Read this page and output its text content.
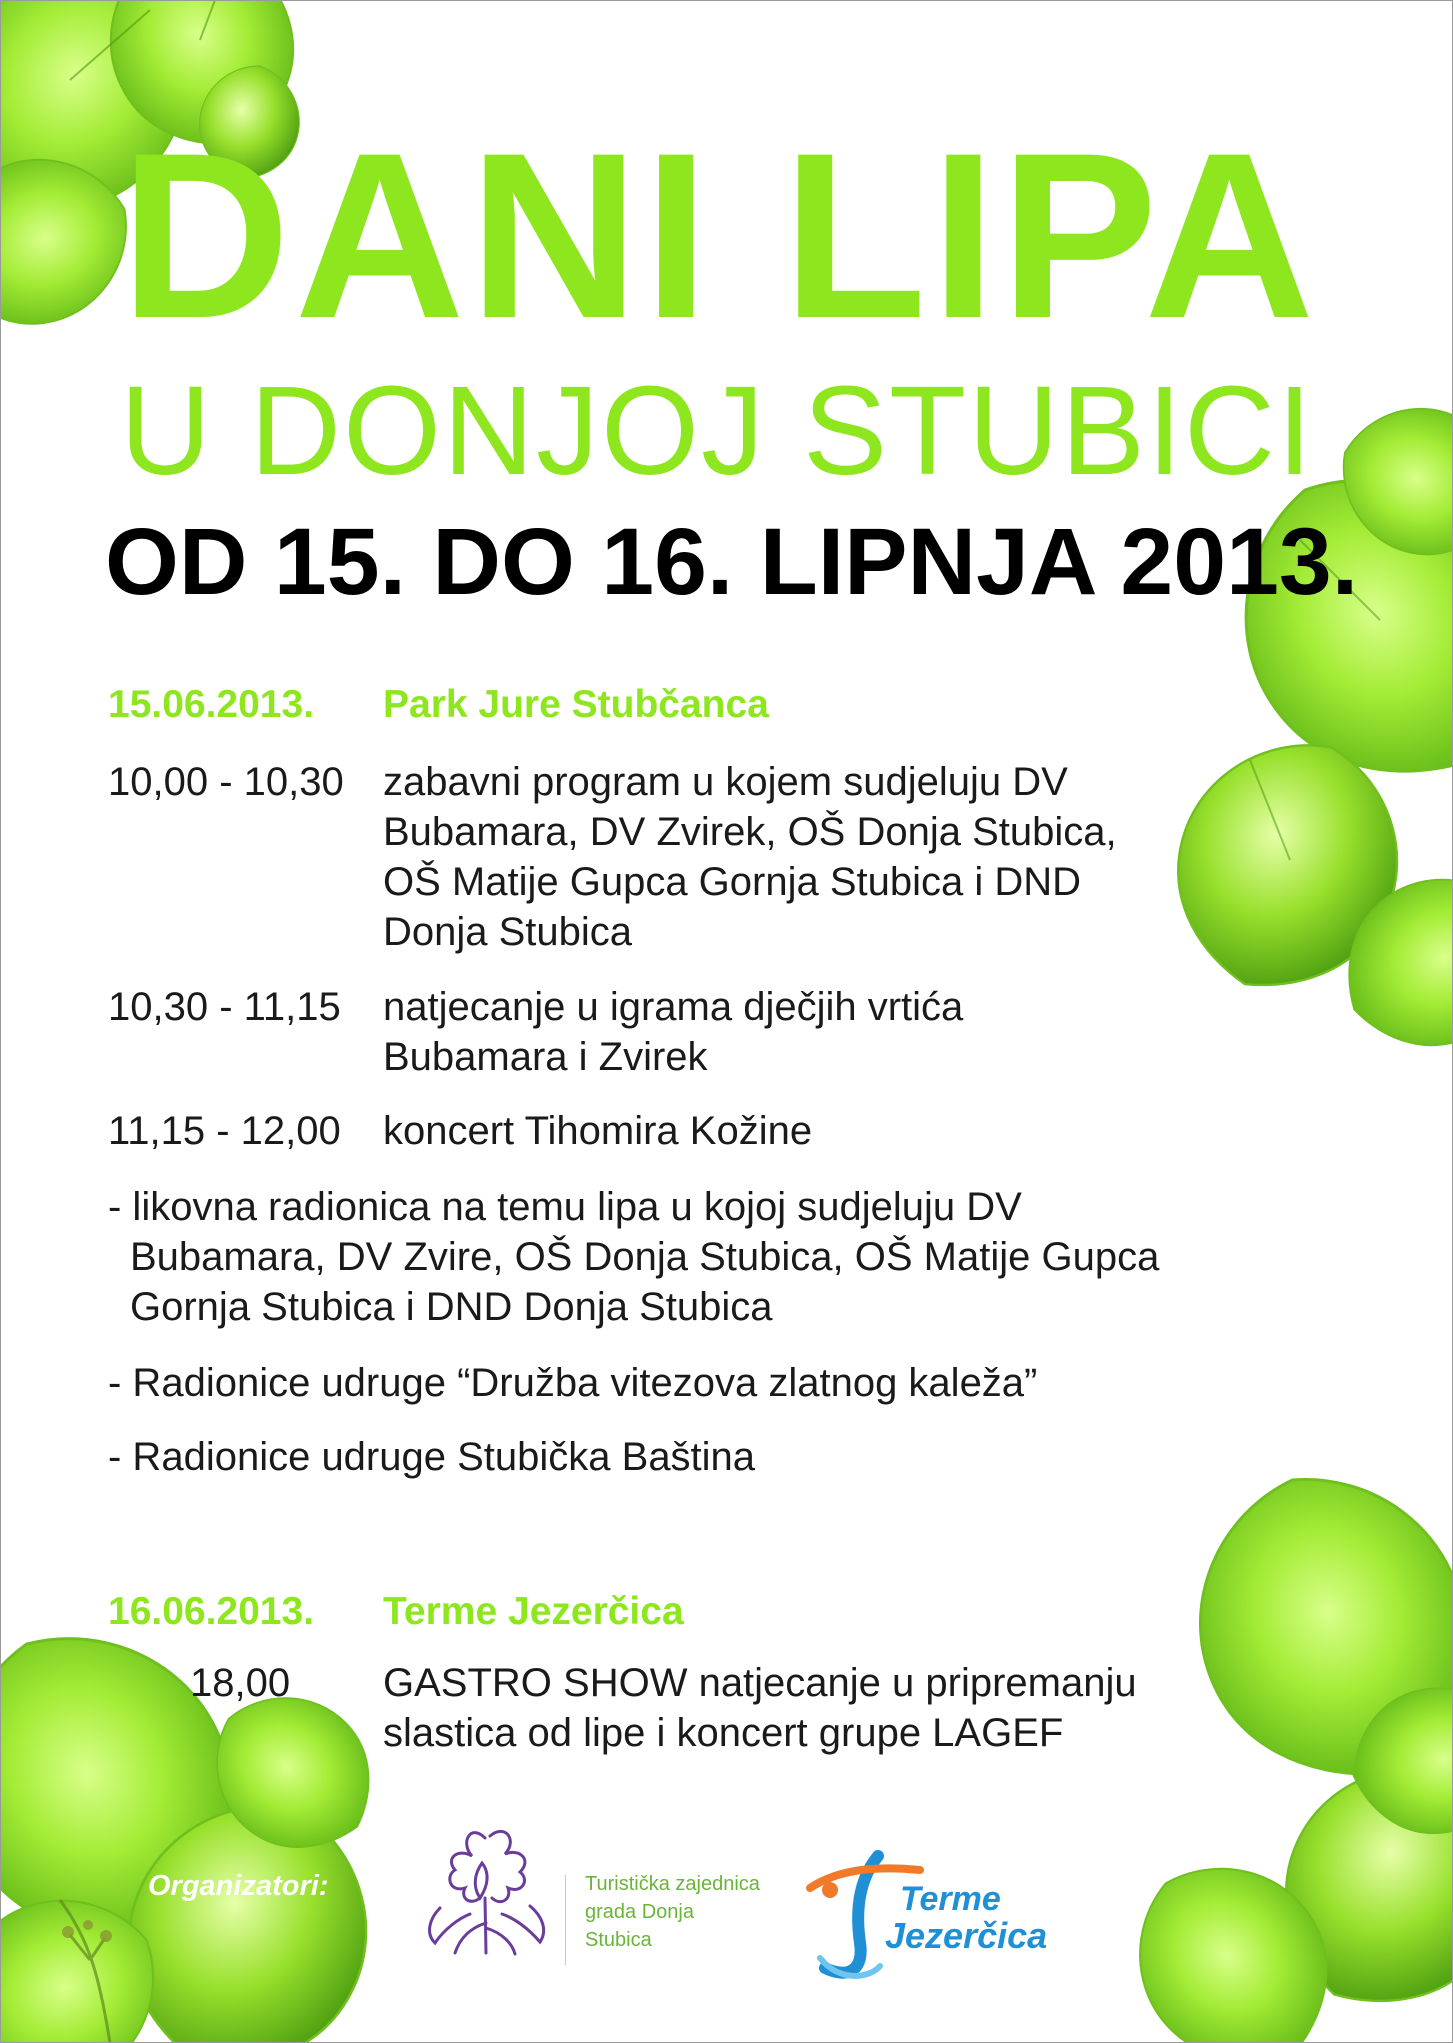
DANI LIPA
U DONJOJ STUBICI
OD 15. DO 16. LIPNJA 2013.
15.06.2013. Park Jure Stubčanca
10,00 - 10,30 zabavni program u kojem sudjeluju DV
Bubamara, DV Zvirek, OŠ Donja Stubica,
OŠ Matije Gupca Gornja Stubica i DND
Donja Stubica
10,30 - 11,15 natjecanje u igrama dječjih vrtića
Bubamara i Zvirek
11,15 - 12,00 koncert Tihomira Kožine
- likovna radionica na temu lipa u kojoj sudjeluju DV
Bubamara, DV Zvire, OŠ Donja Stubica, OŠ Matije Gupca
Gornja Stubica i DND Donja Stubica
- Radionice udruge “Družba vitezova zlatnog kaleža”
- Radionice udruge Stubička Baština
16.06.2013. Terme Jezerčica
18,00 GASTRO SHOW natjecanje u pripremanju
slastica od lipe i koncert grupe LAGEF
Organizatori:	Turistička zajednica
grada Donja
Stubica
Terme
Jezerčica
